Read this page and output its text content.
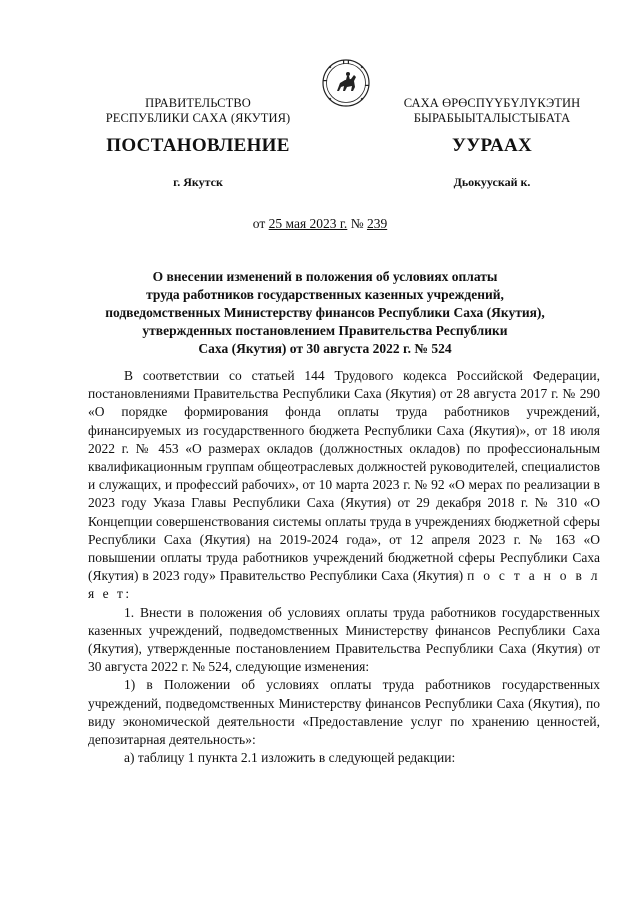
ПРАВИТЕЛЬСТВО
РЕСПУБЛИКИ САХА (ЯКУТИЯ)
САХА ӨРӨСПҮҮБҮЛҮКЭТИН
БЫРАБЫЫТАЛЫСТЫБАТА
ПОСТАНОВЛЕНИЕ	УУРААХ
г. Якутск	Дьокуускай к.
от 25 мая 2023 г. № 239
О внесении изменений в положения об условиях оплаты
труда работников государственных казенных учреждений,
подведомственных Министерству финансов Республики Саха (Якутия),
утвержденных постановлением Правительства Республики
Саха (Якутия) от 30 августа 2022 г. № 524

В соответствии со статьей 144 Трудового кодекса Российской Федерации, постановлениями Правительства Республики Саха (Якутия) от 28 августа 2017 г. № 290 «О порядке формирования фонда оплаты труда работников учреждений, финансируемых из государственного бюджета Республики Саха (Якутия)», от 18 июля 2022 г. № 453 «О размерах окладов (должностных окладов) по профессиональным квалификационным группам общеотраслевых должностей руководителей, специалистов и служащих, и профессий рабочих», от 10 марта 2023 г. № 92 «О мерах по реализации в 2023 году Указа Главы Республики Саха (Якутия) от 29 декабря 2018 г. № 310 «О Концепции совершенствования системы оплаты труда в учреждениях бюджетной сферы Республики Саха (Якутия) на 2019-2024 года», от 12 апреля 2023 г. № 163 «О повышении оплаты труда работников учреждений бюджетной сферы Республики Саха (Якутия) в 2023 году» Правительство Республики Саха (Якутия) п о с т а н о в л я е т:

1. Внести в положения об условиях оплаты труда работников государственных казенных учреждений, подведомственных Министерству финансов Республики Саха (Якутия), утвержденные постановлением Правительства Республики Саха (Якутия) от 30 августа 2022 г. № 524, следующие изменения:

1) в Положении об условиях оплаты труда работников государственных учреждений, подведомственных Министерству финансов Республики Саха (Якутия), по виду экономической деятельности «Предоставление услуг по хранению ценностей, депозитарная деятельность»:

а) таблицу 1 пункта 2.1 изложить в следующей редакции:
